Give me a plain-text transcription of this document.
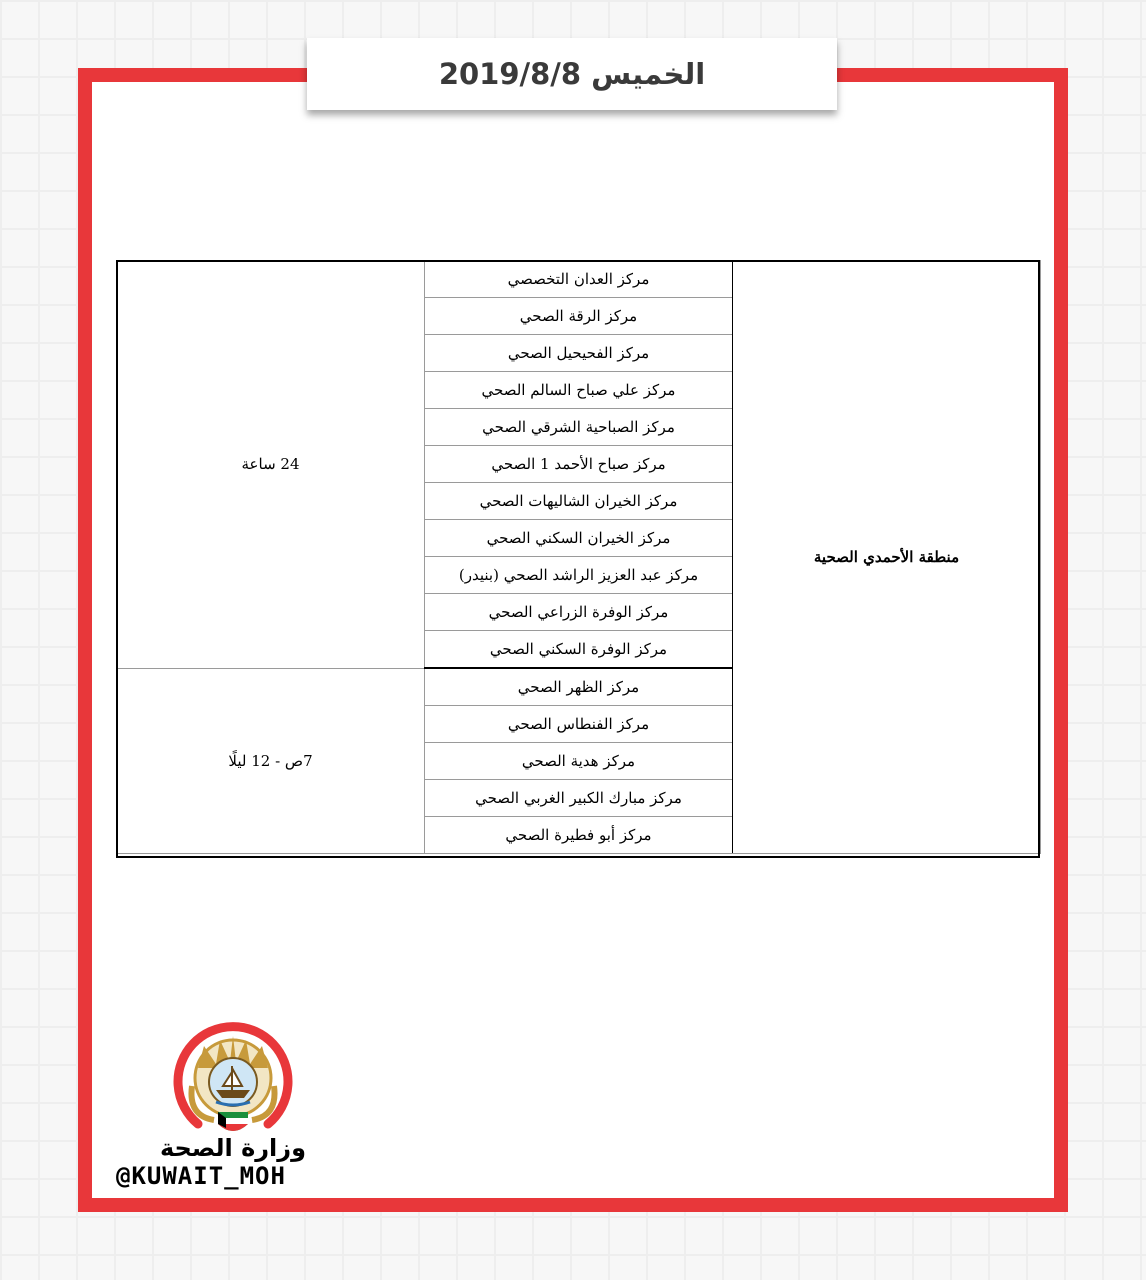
الخميس 2019/8/8
منطقة الأحمدي الصحية	مركز العدان التخصصي	24 ساعة
	مركز الرقة الصحي	
	مركز الفحيحيل الصحي	
	مركز علي صباح السالم الصحي	
	مركز الصباحية الشرقي الصحي	
	مركز صباح الأحمد 1 الصحي	
	مركز الخيران الشاليهات الصحي	
	مركز الخيران السكني الصحي	
	مركز عبد العزيز الراشد الصحي (بنيدر)	
	مركز الوفرة الزراعي الصحي	
	مركز الوفرة السكني الصحي	
	مركز الظهر الصحي	7ص - 12 ليلًا
	مركز الفنطاس الصحي	
	مركز هدية الصحي	
	مركز مبارك الكبير الغربي الصحي	
	مركز أبو فطيرة الصحي	
وزارة الصحة
@KUWAIT_MOH
